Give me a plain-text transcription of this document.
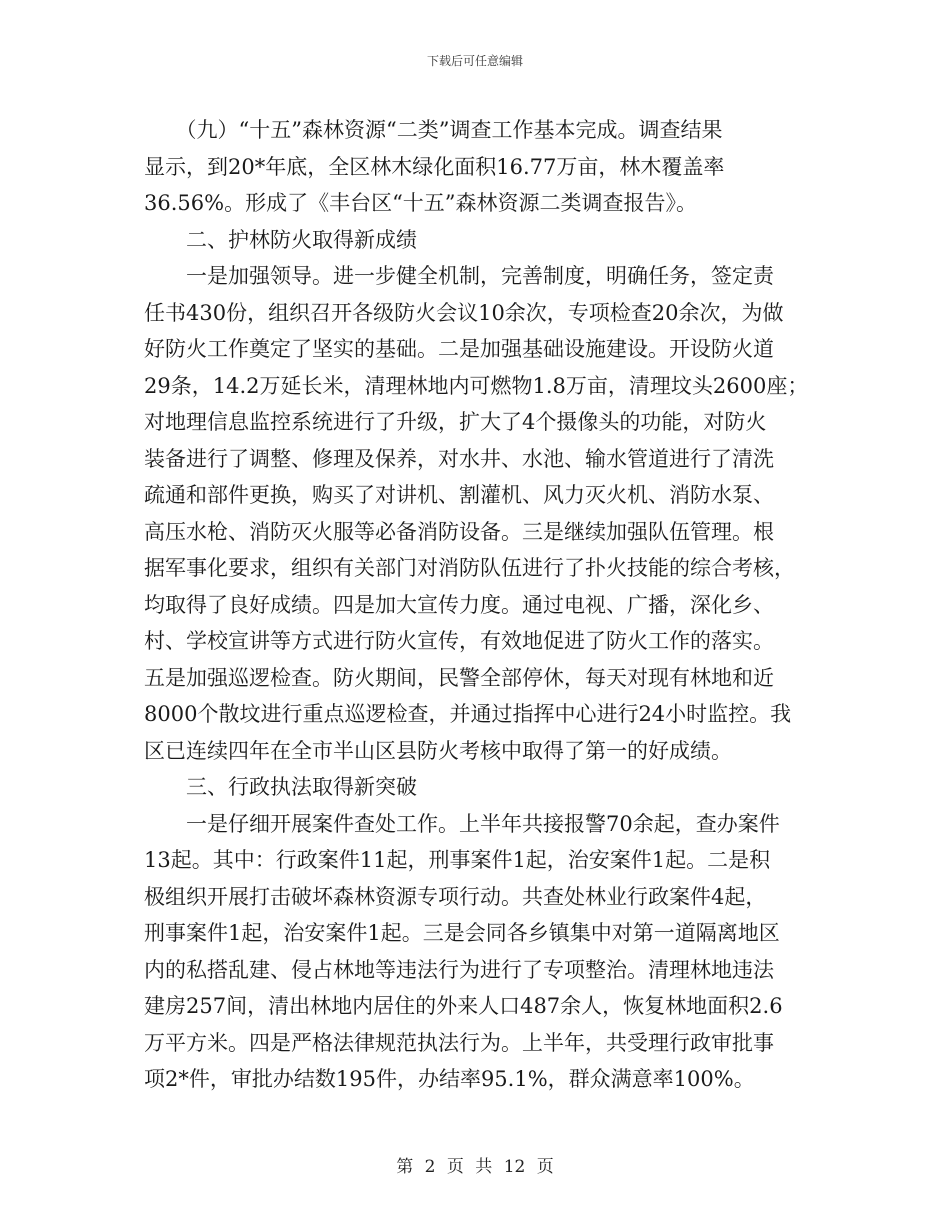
下载后可任意编辑
　　（九）“十五”森林资源“二类”调查工作基本完成。调查结果
显示，到20*年底，全区林木绿化面积16.77万亩，林木覆盖率
36.56%。形成了《丰台区“十五”森林资源二类调查报告》。
　　二、护林防火取得新成绩
　　一是加强领导。进一步健全机制，完善制度，明确任务，签定责
任书430份，组织召开各级防火会议10余次，专项检查20余次，为做
好防火工作奠定了坚实的基础。二是加强基础设施建设。开设防火道
29条，14.2万延长米，清理林地内可燃物1.8万亩，清理坟头2600座；
对地理信息监控系统进行了升级，扩大了4个摄像头的功能，对防火
装备进行了调整、修理及保养，对水井、水池、输水管道进行了清洗
疏通和部件更换，购买了对讲机、割灌机、风力灭火机、消防水泵、
高压水枪、消防灭火服等必备消防设备。三是继续加强队伍管理。根
据军事化要求，组织有关部门对消防队伍进行了扑火技能的综合考核，
均取得了良好成绩。四是加大宣传力度。通过电视、广播，深化乡、
村、学校宣讲等方式进行防火宣传，有效地促进了防火工作的落实。
五是加强巡逻检查。防火期间，民警全部停休，每天对现有林地和近
8000个散坟进行重点巡逻检查，并通过指挥中心进行24小时监控。我
区已连续四年在全市半山区县防火考核中取得了第一的好成绩。
　　三、行政执法取得新突破
　　一是仔细开展案件查处工作。上半年共接报警70余起，查办案件
13起。其中：行政案件11起，刑事案件1起，治安案件1起。二是积
极组织开展打击破坏森林资源专项行动。共查处林业行政案件4起，
刑事案件1起，治安案件1起。三是会同各乡镇集中对第一道隔离地区
内的私搭乱建、侵占林地等违法行为进行了专项整治。清理林地违法
建房257间，清出林地内居住的外来人口487余人，恢复林地面积2.6
万平方米。四是严格法律规范执法行为。上半年，共受理行政审批事
项2*件，审批办结数195件，办结率95.1%，群众满意率100%。
第 2 页 共 12 页
